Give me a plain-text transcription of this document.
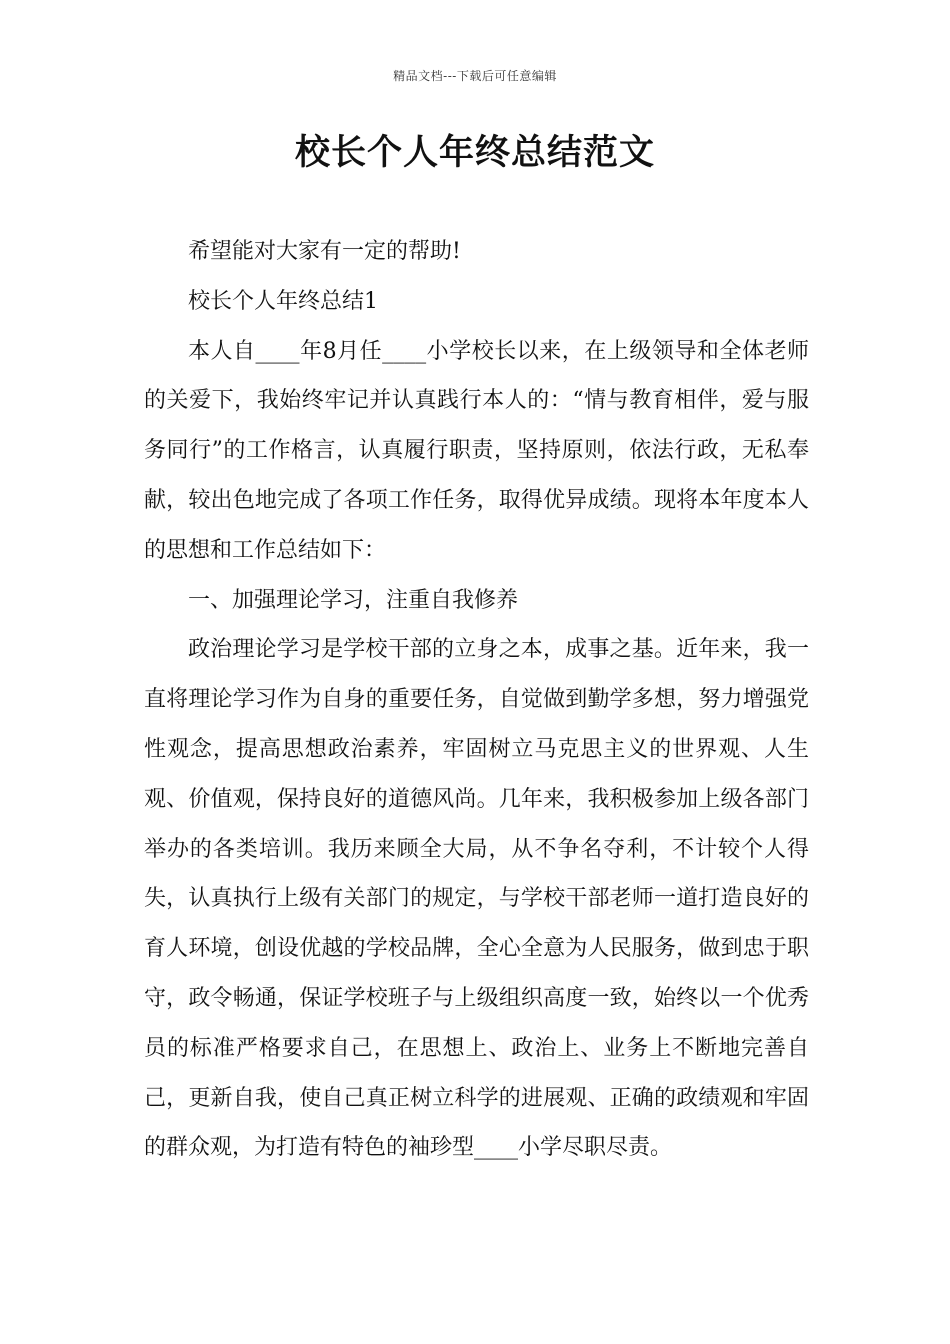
精品文档---下载后可任意编辑
校长个人年终总结范文

希望能对大家有一定的帮助!

校长个人年终总结1

本人自____年8月任____小学校长以来，在上级领导和全体老师的关爱下，我始终牢记并认真践行本人的：“情与教育相伴，爱与服务同行”的工作格言，认真履行职责，坚持原则，依法行政，无私奉献，较出色地完成了各项工作任务，取得优异成绩。现将本年度本人的思想和工作总结如下：

一、加强理论学习，注重自我修养

政治理论学习是学校干部的立身之本，成事之基。近年来，我一直将理论学习作为自身的重要任务，自觉做到勤学多想，努力增强党性观念，提高思想政治素养，牢固树立马克思主义的世界观、人生观、价值观，保持良好的道德风尚。几年来，我积极参加上级各部门举办的各类培训。我历来顾全大局，从不争名夺利，不计较个人得失，认真执行上级有关部门的规定，与学校干部老师一道打造良好的育人环境，创设优越的学校品牌，全心全意为人民服务，做到忠于职守，政令畅通，保证学校班子与上级组织高度一致，始终以一个优秀员的标准严格要求自己，在思想上、政治上、业务上不断地完善自己，更新自我，使自己真正树立科学的进展观、正确的政绩观和牢固的群众观，为打造有特色的袖珍型____小学尽职尽责。
